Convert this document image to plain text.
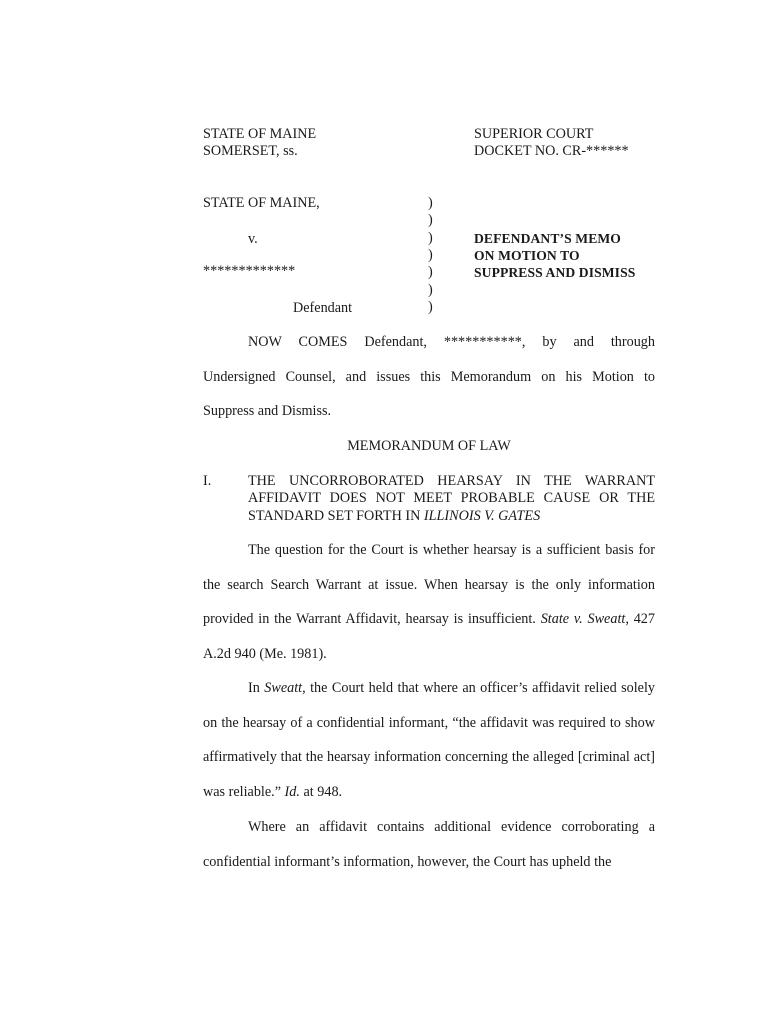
STATE OF MAINE
SOMERSET, ss.
SUPERIOR COURT
DOCKET NO. CR-******
STATE OF MAINE,
v.
*************
Defendant
)
)
)
)
)
)
)
DEFENDANT’S MEMO
ON MOTION TO
SUPPRESS AND DISMISS
NOW COMES Defendant, ***********, by and through
Undersigned Counsel, and issues this Memorandum on his Motion to
Suppress and Dismiss.
MEMORANDUM OF LAW
I.	THE UNCORROBORATED HEARSAY IN THE WARRANT AFFIDAVIT DOES NOT MEET PROBABLE CAUSE OR THE STANDARD SET FORTH IN ILLINOIS V. GATES
The question for the Court is whether hearsay is a sufficient basis for the search Search Warrant at issue. When hearsay is the only information provided in the Warrant Affidavit, hearsay is insufficient. State v. Sweatt, 427 A.2d 940 (Me. 1981).
In Sweatt, the Court held that where an officer’s affidavit relied solely on the hearsay of a confidential informant, “the affidavit was required to show affirmatively that the hearsay information concerning the alleged [criminal act] was reliable.” Id. at 948.
Where an affidavit contains additional evidence corroborating a confidential informant’s information, however, the Court has upheld the
